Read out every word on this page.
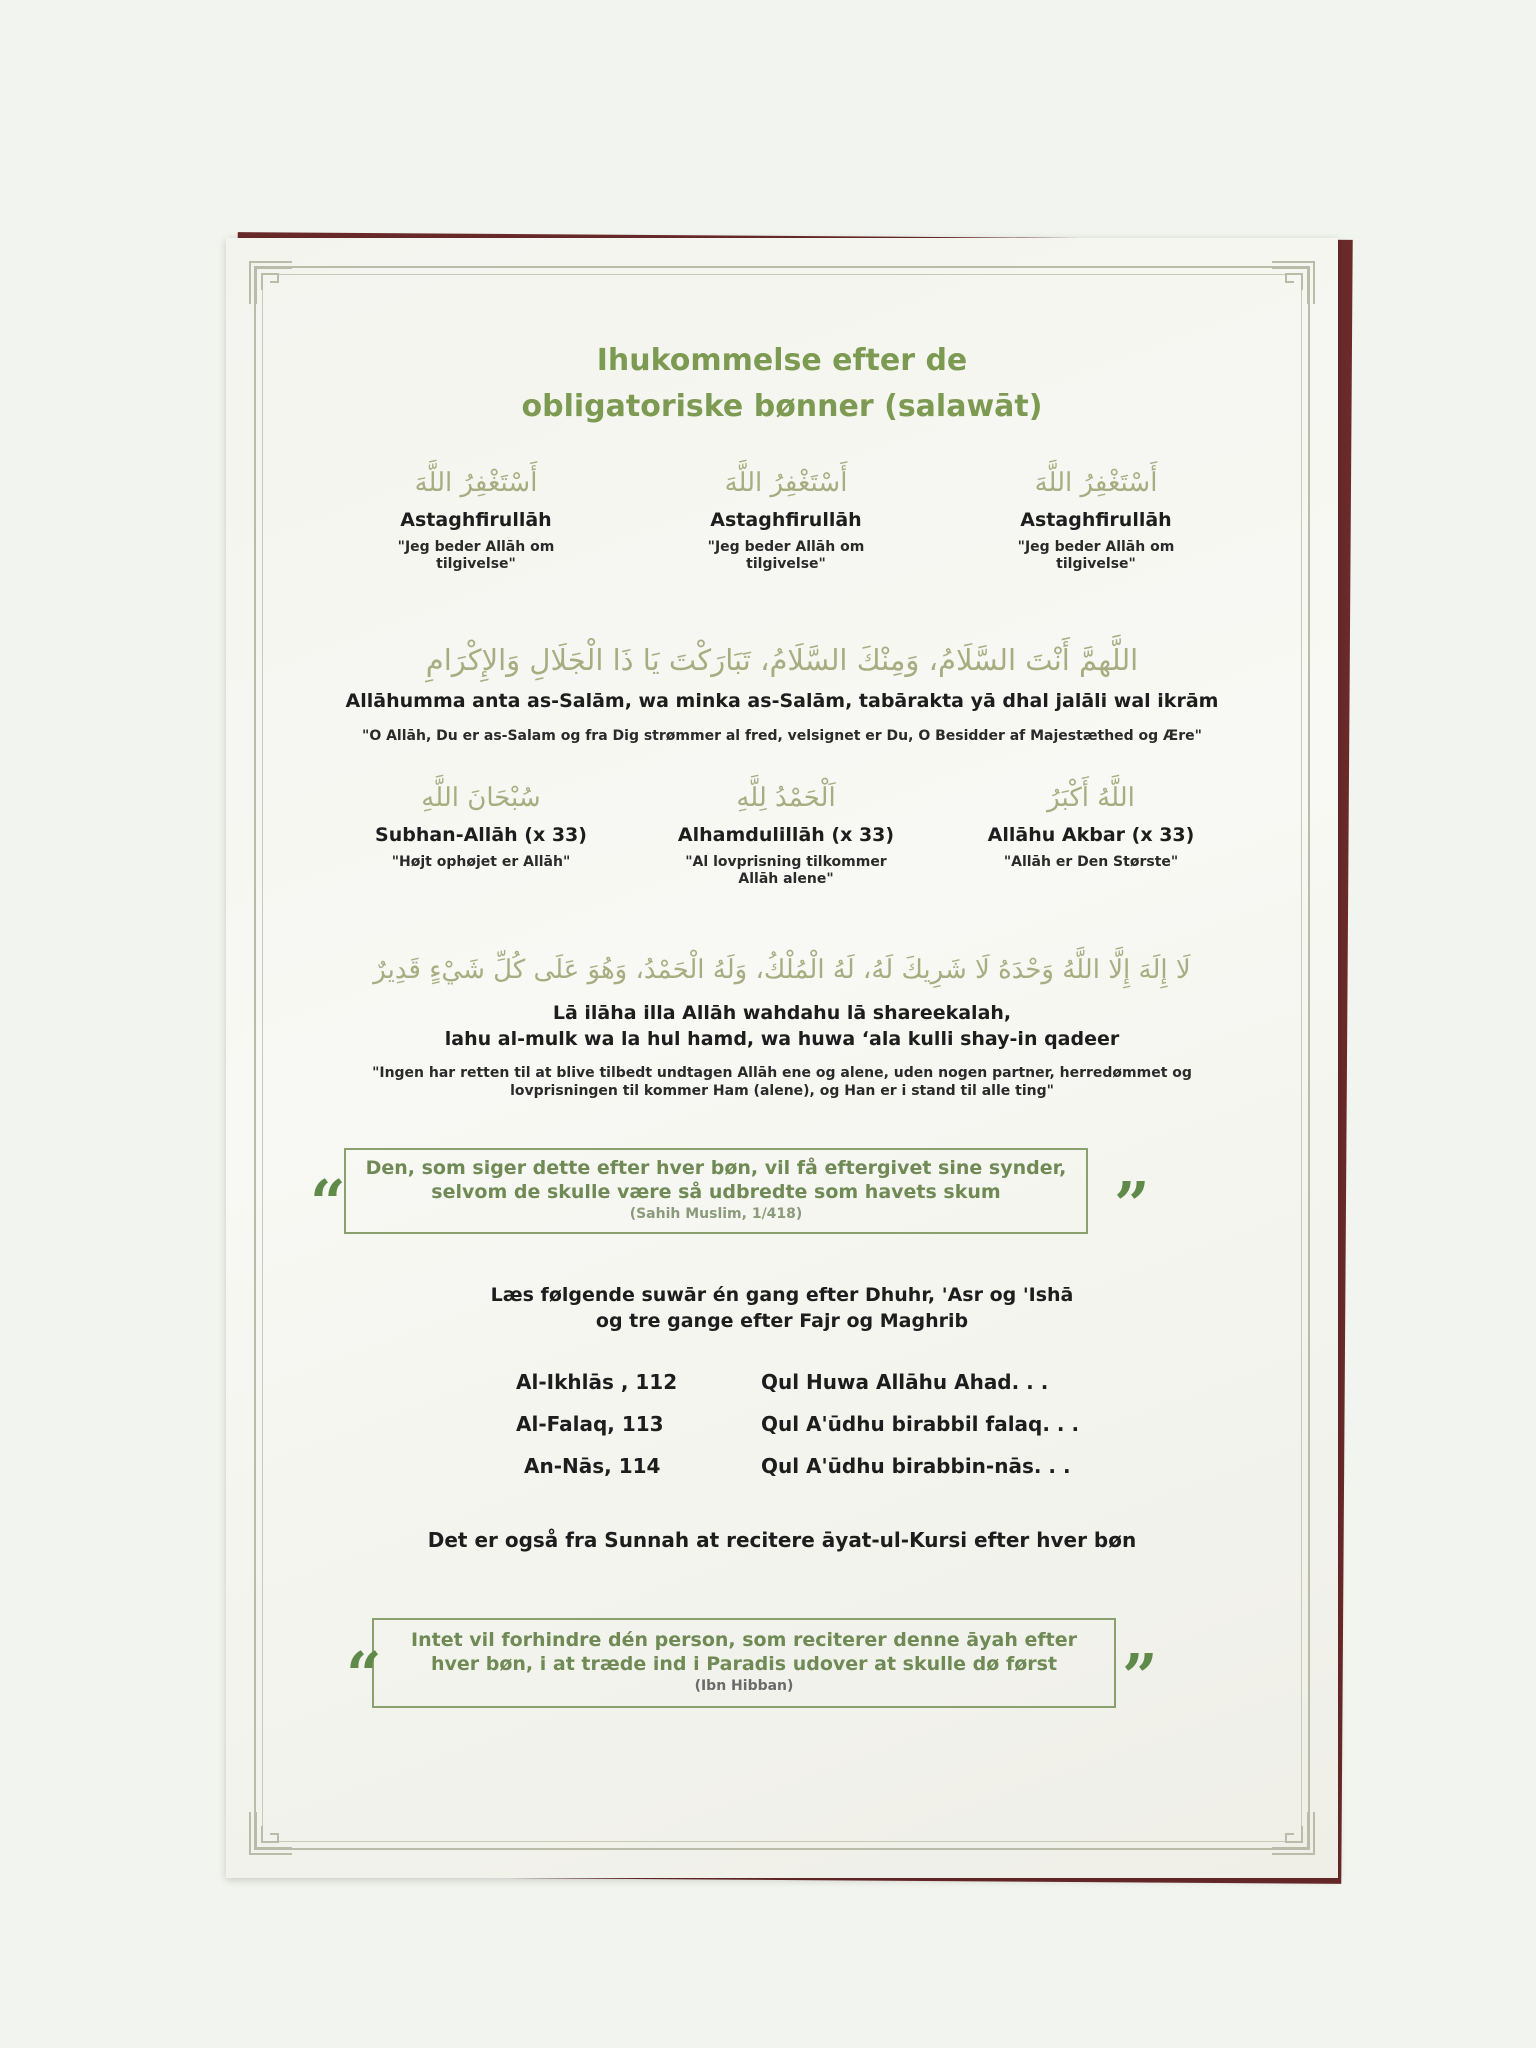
Ihukommelse efter de
obligatoriske bønner (salawāt)
أَسْتَغْفِرُ اللَّهَ
Astaghfirullāh
"Jeg beder Allāh om tilgivelse"
أَسْتَغْفِرُ اللَّهَ
Astaghfirullāh
"Jeg beder Allāh om tilgivelse"
أَسْتَغْفِرُ اللَّهَ
Astaghfirullāh
"Jeg beder Allāh om tilgivelse"
اللَّهمَّ أَنْتَ السَّلَامُ، وَمِنْكَ السَّلَامُ، تَبَارَكْتَ يَا ذَا الْجَلَالِ وَالإِكْرَامِ
Allāhumma anta as-Salām, wa minka as-Salām, tabārakta yā dhal jalāli wal ikrām
"O Allāh, Du er as-Salam og fra Dig strømmer al fred, velsignet er Du, O Besidder af Majestæthed og Ære"
سُبْحَانَ اللَّهِ
Subhan-Allāh (x 33)
"Højt ophøjet er Allāh"
اَلْحَمْدُ لِلَّهِ
Alhamdulillāh (x 33)
"Al lovprisning tilkommer Allāh alene"
اللَّهُ أَكْبَرُ
Allāhu Akbar (x 33)
"Allāh er Den Største"
لَا إِلَهَ إِلَّا اللَّهُ وَحْدَهُ لَا شَرِيكَ لَهُ، لَهُ الْمُلْكُ، وَلَهُ الْحَمْدُ، وَهُوَ عَلَى كُلِّ شَيْءٍ قَدِيرٌ
Lā ilāha illa Allāh wahdahu lā shareekalah,
lahu al-mulk wa la hul hamd, wa huwa ʻala kulli shay-in qadeer
"Ingen har retten til at blive tilbedt undtagen Allāh ene og alene, uden nogen partner, herredømmet og
lovprisningen til kommer Ham (alene), og Han er i stand til alle ting"
Den, som siger dette efter hver bøn, vil få eftergivet sine synder,
selvom de skulle være så udbredte som havets skum
(Sahih Muslim, 1/418)
“	”
Læs følgende suwār én gang efter Dhuhr, 'Asr og 'Ishā
og tre gange efter Fajr og Maghrib
Al-Ikhlās , 112	Qul Huwa Allāhu Ahad. . .
Al-Falaq, 113	Qul A'ūdhu birabbil falaq. . .
An-Nās, 114	Qul A'ūdhu birabbin-nās. . .
Det er også fra Sunnah at recitere āyat-ul-Kursi efter hver bøn
Intet vil forhindre dén person, som reciterer denne āyah efter
hver bøn, i at træde ind i Paradis udover at skulle dø først
(Ibn Hibban)
“	”
